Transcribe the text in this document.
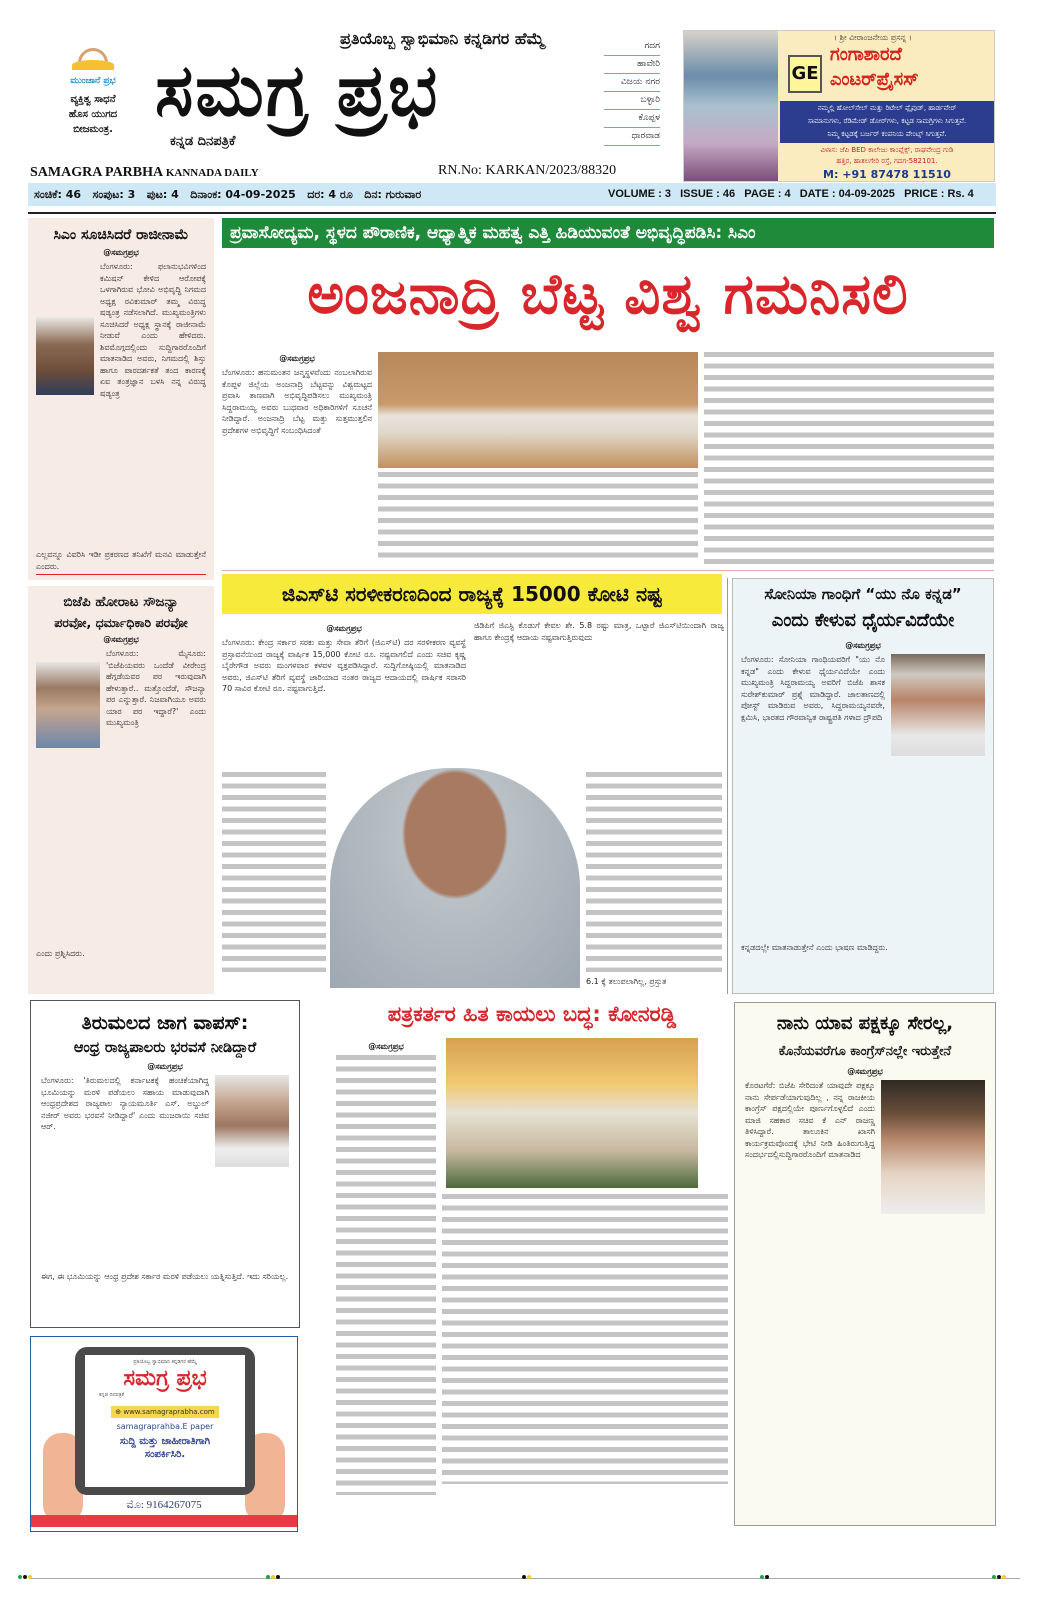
ಮುಂಜಾನೆ ಪ್ರಭ
ವ್ಯಕ್ತಿತ್ವ ಸಾಧನೆ
ಹೊಸ ಯುಗದ
ಬೀಜಮಂತ್ರ.
ಪ್ರತಿಯೊಬ್ಬ ಸ್ವಾಭಿಮಾನಿ ಕನ್ನಡಿಗರ ಹೆಮ್ಮೆ
ಸಮಗ್ರ ಪ್ರಭ
ಕನ್ನಡ ದಿನಪತ್ರಿಕೆ
ಗದಗ
ಹಾವೇರಿ
ವಿಜಯ ನಗರ
ಬಳ್ಳಾರಿ
ಕೊಪ್ಪಳ
ಧಾರವಾಡ
SAMAGRA PARBHA KANNADA DAILY	RN.No: KARKAN/2023/88320
GE
। ಶ್ರೀ ವೀರಾಂಜನೇಯ ಪ್ರಸನ್ನ ।
ಗಂಗಾಶಾರದೆ
ಎಂಟರ್‌ಪ್ರೈಸಸ್
ನಮ್ಮಲ್ಲಿ ಹೋಲ್‌ಸೇಲ್ ಮತ್ತು ರಿಟೇಲ್ ಪ್ಲೈವುಡ್, ಹಾರ್ಡವೇರ್
ಸಾಮಾನುಗಳು, ರೆಡಿಮೇಡ್ ಡೋರ್‌ಗಳು, ಕಟ್ಟಡ ಸಾಮಗ್ರಿಗಳು ಸಿಗುತ್ತವೆ.
ನಿಮ್ಮ ಕಟ್ಟಡಕ್ಕೆ ಬರ್ಜರ್ ಕಂಪನಿಯ ಪೇಂಟ್ಸ್ ಸಿಗುತ್ತವೆ.
ವಿಳಾಸ: ಜೆಪಿ BED ಕಾಲೇಜು ಕಾಂಪ್ಲೆಕ್ಸ್, ರಾಘವೇಂದ್ರ ಗುಡಿ
ಹತ್ತಿರ, ಹಾತಲಗೇರಿ ರಸ್ತೆ, ಗದಗ-582101.
M: +91 87478 11510
ಸಂಚಿಕೆ: 46   ಸಂಪುಟ: 3   ಪುಟ: 4   ದಿನಾಂಕ: 04-09-2025   ದರ: 4 ರೂ   ದಿನ: ಗುರುವಾರ	VOLUME : 3   ISSUE : 46   PAGE : 4   DATE : 04-09-2025   PRICE : Rs. 4
ಸಿಎಂ ಸೂಚಿಸಿದರೆ ರಾಜೀನಾಮೆ
@ಸಮಗ್ರಪ್ರಭ
ಬೆಂಗಳೂರು: ಫಲಾನುಭವಿಗಳಿಂದ ಕಮಿಷನ್ ಕೇಳಿದ ಆರೋಪಕ್ಕೆ ಒಳಗಾಗಿರುವ ಭೋವಿ ಅಭಿವೃದ್ಧಿ ನಿಗಮದ ಅಧ್ಯಕ್ಷ ರವಿಕುಮಾರ್ ತಮ್ಮ ವಿರುದ್ಧ ಷಡ್ಯಂತ್ರ ನಡೆಸಲಾಗಿದೆ. ಮುಖ್ಯಮಂತ್ರಿಗಳು ಸೂಚಿಸಿದರೆ ಅಧ್ಯಕ್ಷ ಸ್ಥಾನಕ್ಕೆ ರಾಜೀನಾಮೆ ನೀಡುವೆ ಎಂದು ಹೇಳಿದರು. ಶಿವಮೊಗ್ಗದಲ್ಲಿಂದು ಸುದ್ದಿಗಾರರೊಂದಿಗೆ ಮಾತನಾಡಿದ ಅವರು, ನಿಗಮದಲ್ಲಿ ಶಿಸ್ತು ಹಾಗೂ ಪಾರದರ್ಶಕತೆ ತಂದ ಕಾರಣಕ್ಕೆ ಏಐ ತಂತ್ರಜ್ಞಾನ ಬಳಸಿ ನನ್ನ ವಿರುದ್ಧ ಷಡ್ಯಂತ್ರ
ಎಲ್ಲವನ್ನೂ ವಿವರಿಸಿ ಇಡೀ ಪ್ರಕರಣದ ತನಿಖೆಗೆ ಮನವಿ ಮಾಡುತ್ತೇನೆ ಎಂದರು.
ಬಿಜೆಪಿ ಹೋರಾಟ ಸೌಜನ್ಯಾ
ಪರವೋ, ಧರ್ಮಾಧಿಕಾರಿ ಪರವೋ
@ಸಮಗ್ರಪ್ರಭ
ಬೆಂಗಳೂರು: ಮೈಸೂರು: 'ಬಿಜೆಪಿಯವರು ಒಂದೆಡೆ ವೀರೇಂದ್ರ ಹೆಗ್ಗಡೆಯವರ ಪರ ಇರುವುದಾಗಿ ಹೇಳುತ್ತಾರೆ.. ಮತ್ತೊಂದೆಡೆ, ಸೌಜನ್ಯಾ ಪರ ಎನ್ನುತ್ತಾರೆ. ನಿಜವಾಗಿಯೂ ಅವರು ಯಾರ ಪರ ಇದ್ದಾರೆ?' ಎಂದು ಮುಖ್ಯಮಂತ್ರಿ
ಎಂದು ಪ್ರಶ್ನಿಸಿದರು.
ಪ್ರವಾಸೋದ್ಯಮ, ಸ್ಥಳದ ಪೌರಾಣಿಕ, ಆಧ್ಯಾತ್ಮಿಕ ಮಹತ್ವ ಎತ್ತಿ ಹಿಡಿಯುವಂತೆ ಅಭಿವೃದ್ಧಿಪಡಿಸಿ: ಸಿಎಂ
ಅಂಜನಾದ್ರಿ ಬೆಟ್ಟ ವಿಶ್ವ ಗಮನಿಸಲಿ
@ಸಮಗ್ರಪ್ರಭ
ಬೆಂಗಳೂರು: ಹನುಮಂತನ ಜನ್ಮಸ್ಥಳವೆಂದು ನಂಬಲಾಗಿರುವ ಕೊಪ್ಪಳ ಜಿಲ್ಲೆಯ ಅಂಜನಾದ್ರಿ ಬೆಟ್ಟವನ್ನು ವಿಶ್ವಮಟ್ಟದ ಪ್ರವಾಸಿ ತಾಣವಾಗಿ ಅಭಿವೃದ್ಧಿಪಡಿಸಲು ಮುಖ್ಯಮಂತ್ರಿ ಸಿದ್ದರಾಮಯ್ಯ ಅವರು ಬುಧವಾರ ಅಧಿಕಾರಿಗಳಿಗೆ ಸೂಚನೆ ನೀಡಿದ್ದಾರೆ. ಅಂಜನಾದ್ರಿ ಬೆಟ್ಟ ಮತ್ತು ಸುತ್ತಮುತ್ತಲಿನ ಪ್ರದೇಶಗಳ ಅಭಿವೃದ್ಧಿಗೆ ಸಂಬಂಧಿಸಿದಂತೆ
ಜಿಎಸ್‌ಟಿ ಸರಳೀಕರಣದಿಂದ ರಾಜ್ಯಕ್ಕೆ 15000 ಕೋಟಿ ನಷ್ಟ
@ಸಮಗ್ರಪ್ರಭ
ಬೆಂಗಳೂರು: ಕೇಂದ್ರ ಸರ್ಕಾರ ಸರಕು ಮತ್ತು ಸೇವಾ ತೆರಿಗೆ (ಜಿಎಸ್‌ಟಿ) ದರ ಸರಳೀಕರಣ ವ್ಯವಸ್ಥೆ ಪ್ರಸ್ತಾವನೆಯಿಂದ ರಾಜ್ಯಕ್ಕೆ ವಾರ್ಷಿಕ 15,000 ಕೋಟಿ ರೂ. ನಷ್ಟವಾಗಲಿದೆ ಎಂದು ಸಚಿವ ಕೃಷ್ಣ ಬೈರೇಗೌಡ ಅವರು ಮಂಗಳವಾರ ಕಳವಳ ವ್ಯಕ್ತಪಡಿಸಿದ್ದಾರೆ. ಸುದ್ದಿಗೋಷ್ಠಿಯಲ್ಲಿ ಮಾತನಾಡಿದ ಅವರು, ಜಿಎಸ್‌ಟಿ ತೆರಿಗೆ ವ್ಯವಸ್ಥೆ ಜಾರಿಯಾದ ನಂತರ ರಾಜ್ಯದ ಆದಾಯದಲ್ಲಿ ವಾರ್ಷಿಕ ಸರಾಸರಿ 70 ಸಾವಿರ ಕೋಟಿ ರೂ. ನಷ್ಟವಾಗುತ್ತಿದೆ.
ಜಿಡಿಪಿಗೆ ಜಿಎಸ್ಟಿ ಕೊಡುಗೆ ಕೇವಲ ಶೇ. 5.8 ರಷ್ಟು ಮಾತ್ರ, ಒಟ್ಟಾರೆ ಜಿಎಸ್‌ಟಿಯಿಂದಾಗಿ ರಾಜ್ಯ ಹಾಗೂ ಕೇಂದ್ರಕ್ಕೆ ಆದಾಯ ನಷ್ಟವಾಗುತ್ತಿರುವುದು
6.1 ಕ್ಕೆ ತಲುಪಲಾಗಿಲ್ಲ, ಪ್ರಸ್ತುತ
ಸೋನಿಯಾ ಗಾಂಧಿಗೆ “ಯು ನೊ ಕನ್ನಡ”
ಎಂದು ಕೇಳುವ ಧೈರ್ಯವಿದೆಯೇ
@ಸಮಗ್ರಪ್ರಭ
ಬೆಂಗಳೂರು: ಸೋನಿಯಾ ಗಾಂಧಿಯವರಿಗೆ "ಯು ನೊ ಕನ್ನಡ" ಎಂದು ಕೇಳುವ ಧೈರ್ಯವಿದೆಯೇ ಎಂದು ಮುಖ್ಯಮಂತ್ರಿ ಸಿದ್ದರಾಮಯ್ಯ ಅವರಿಗೆ ಬಿಜೆಪಿ ಶಾಸಕ ಸುರೇಶ್‌ಕುಮಾರ್ ಪ್ರಶ್ನೆ ಮಾಡಿದ್ದಾರೆ. ಜಾಲತಾಣದಲ್ಲಿ ಪೋಸ್ಟ್ ಮಾಡಿರುವ ಅವರು, ಸಿದ್ದರಾಮಯ್ಯನವರೇ, ಕ್ಷಮಿಸಿ, ಭಾರತದ ಗೌರವಾನ್ವಿತ ರಾಷ್ಟ್ರಪತಿ ಗಳಾದ ದ್ರೌಪದಿ
ಕನ್ನಡದಲ್ಲೇ ಮಾತನಾಡುತ್ತೇನೆ ಎಂದು ಭಾಷಣ ಮಾಡಿದ್ದರು.
ತಿರುಮಲದ ಜಾಗ ವಾಪಸ್:
ಆಂಧ್ರ ರಾಜ್ಯಪಾಲರು ಭರವಸೆ ನೀಡಿದ್ದಾರೆ
@ಸಮಗ್ರಪ್ರಭ
ಬೆಂಗಳೂರು: 'ತಿರುಮಲದಲ್ಲಿ ಕರ್ನಾಟಕಕ್ಕೆ ಹಂಚಿಕೆಯಾಗಿದ್ದ ಭೂಮಿಯನ್ನು ಮರಳಿ ಪಡೆಯಲು ಸಹಾಯ ಮಾಡುವುದಾಗಿ ಆಂಧ್ರಪ್ರದೇಶದ ರಾಜ್ಯಪಾಲ ನ್ಯಾಯಮೂರ್ತಿ ಎಸ್. ಅಬ್ದುಲ್ ನಜೀರ್ ಅವರು ಭರವಸೆ ನೀಡಿದ್ದಾರೆ' ಎಂದು ಮುಜರಾಯಿ ಸಚಿವ ಆರ್.
ಈಗ, ಈ ಭೂಮಿಯನ್ನು ಆಂಧ್ರ ಪ್ರದೇಶ ಸರ್ಕಾರ ಮರಳಿ ಪಡೆಯಲು ಯತ್ನಿಸುತ್ತಿದೆ. ಇದು ಸರಿಯಲ್ಲ.
ಪ್ರತಿಯೊಬ್ಬ ಸ್ವಾಭಿಮಾನಿ ಕನ್ನಡಿಗರ ಹೆಮ್ಮೆ
ಸಮಗ್ರ ಪ್ರಭ
ಕನ್ನಡ ದಿನಪತ್ರಿಕೆ
⊕ www.samagraprabha.com
samagraprahba.E paper
ಸುದ್ದಿ ಮತ್ತು ಜಾಹೀರಾತಿಗಾಗಿ
ಸಂಪರ್ಕಿಸಿರಿ.
ಮೊ: 9164267075
ಪತ್ರಕರ್ತರ ಹಿತ ಕಾಯಲು ಬದ್ಧ: ಕೋನರಡ್ಡಿ
@ಸಮಗ್ರಪ್ರಭ
ನಾನು ಯಾವ ಪಕ್ಷಕ್ಕೂ ಸೇರಲ್ಲ,
ಕೊನೆಯವರೆಗೂ ಕಾಂಗ್ರೆಸ್‌ನಲ್ಲೇ ಇರುತ್ತೇನೆ
@ಸಮಗ್ರಪ್ರಭ
ಕೊರಟಗೆರೆ: ಬಿಜೆಪಿ ಸೇರಿದಂತೆ ಯಾವುದೇ ಪಕ್ಷಕ್ಕೂ ನಾನು ಸೇರ್ಪಡೆಯಾಗುವುದಿಲ್ಲ , ನನ್ನ ರಾಜಕೀಯ ಕಾಂಗ್ರೆಸ್ ಪಕ್ಷದಲ್ಲಿಯೇ ಪೂರ್ಣಗೊಳ್ಳಲಿದೆ ಎಂದು ಮಾಜಿ ಸಹಕಾರ ಸಚಿವ ಕೆ ಎನ್ ರಾಜಣ್ಣ ತಿಳಿಸಿದ್ದಾರೆ. ತಾಲೂಕಿನ ಖಾಸಗಿ ಕಾರ್ಯಕ್ರಮವೊಂದಕ್ಕೆ ಭೇಟಿ ನೀಡಿ ಹಿಂತಿರುಗುತ್ತಿದ್ದ ಸಂದರ್ಭದಲ್ಲಿಸುದ್ದಿಗಾರರೊಂದಿಗೆ ಮಾತನಾಡಿದ
